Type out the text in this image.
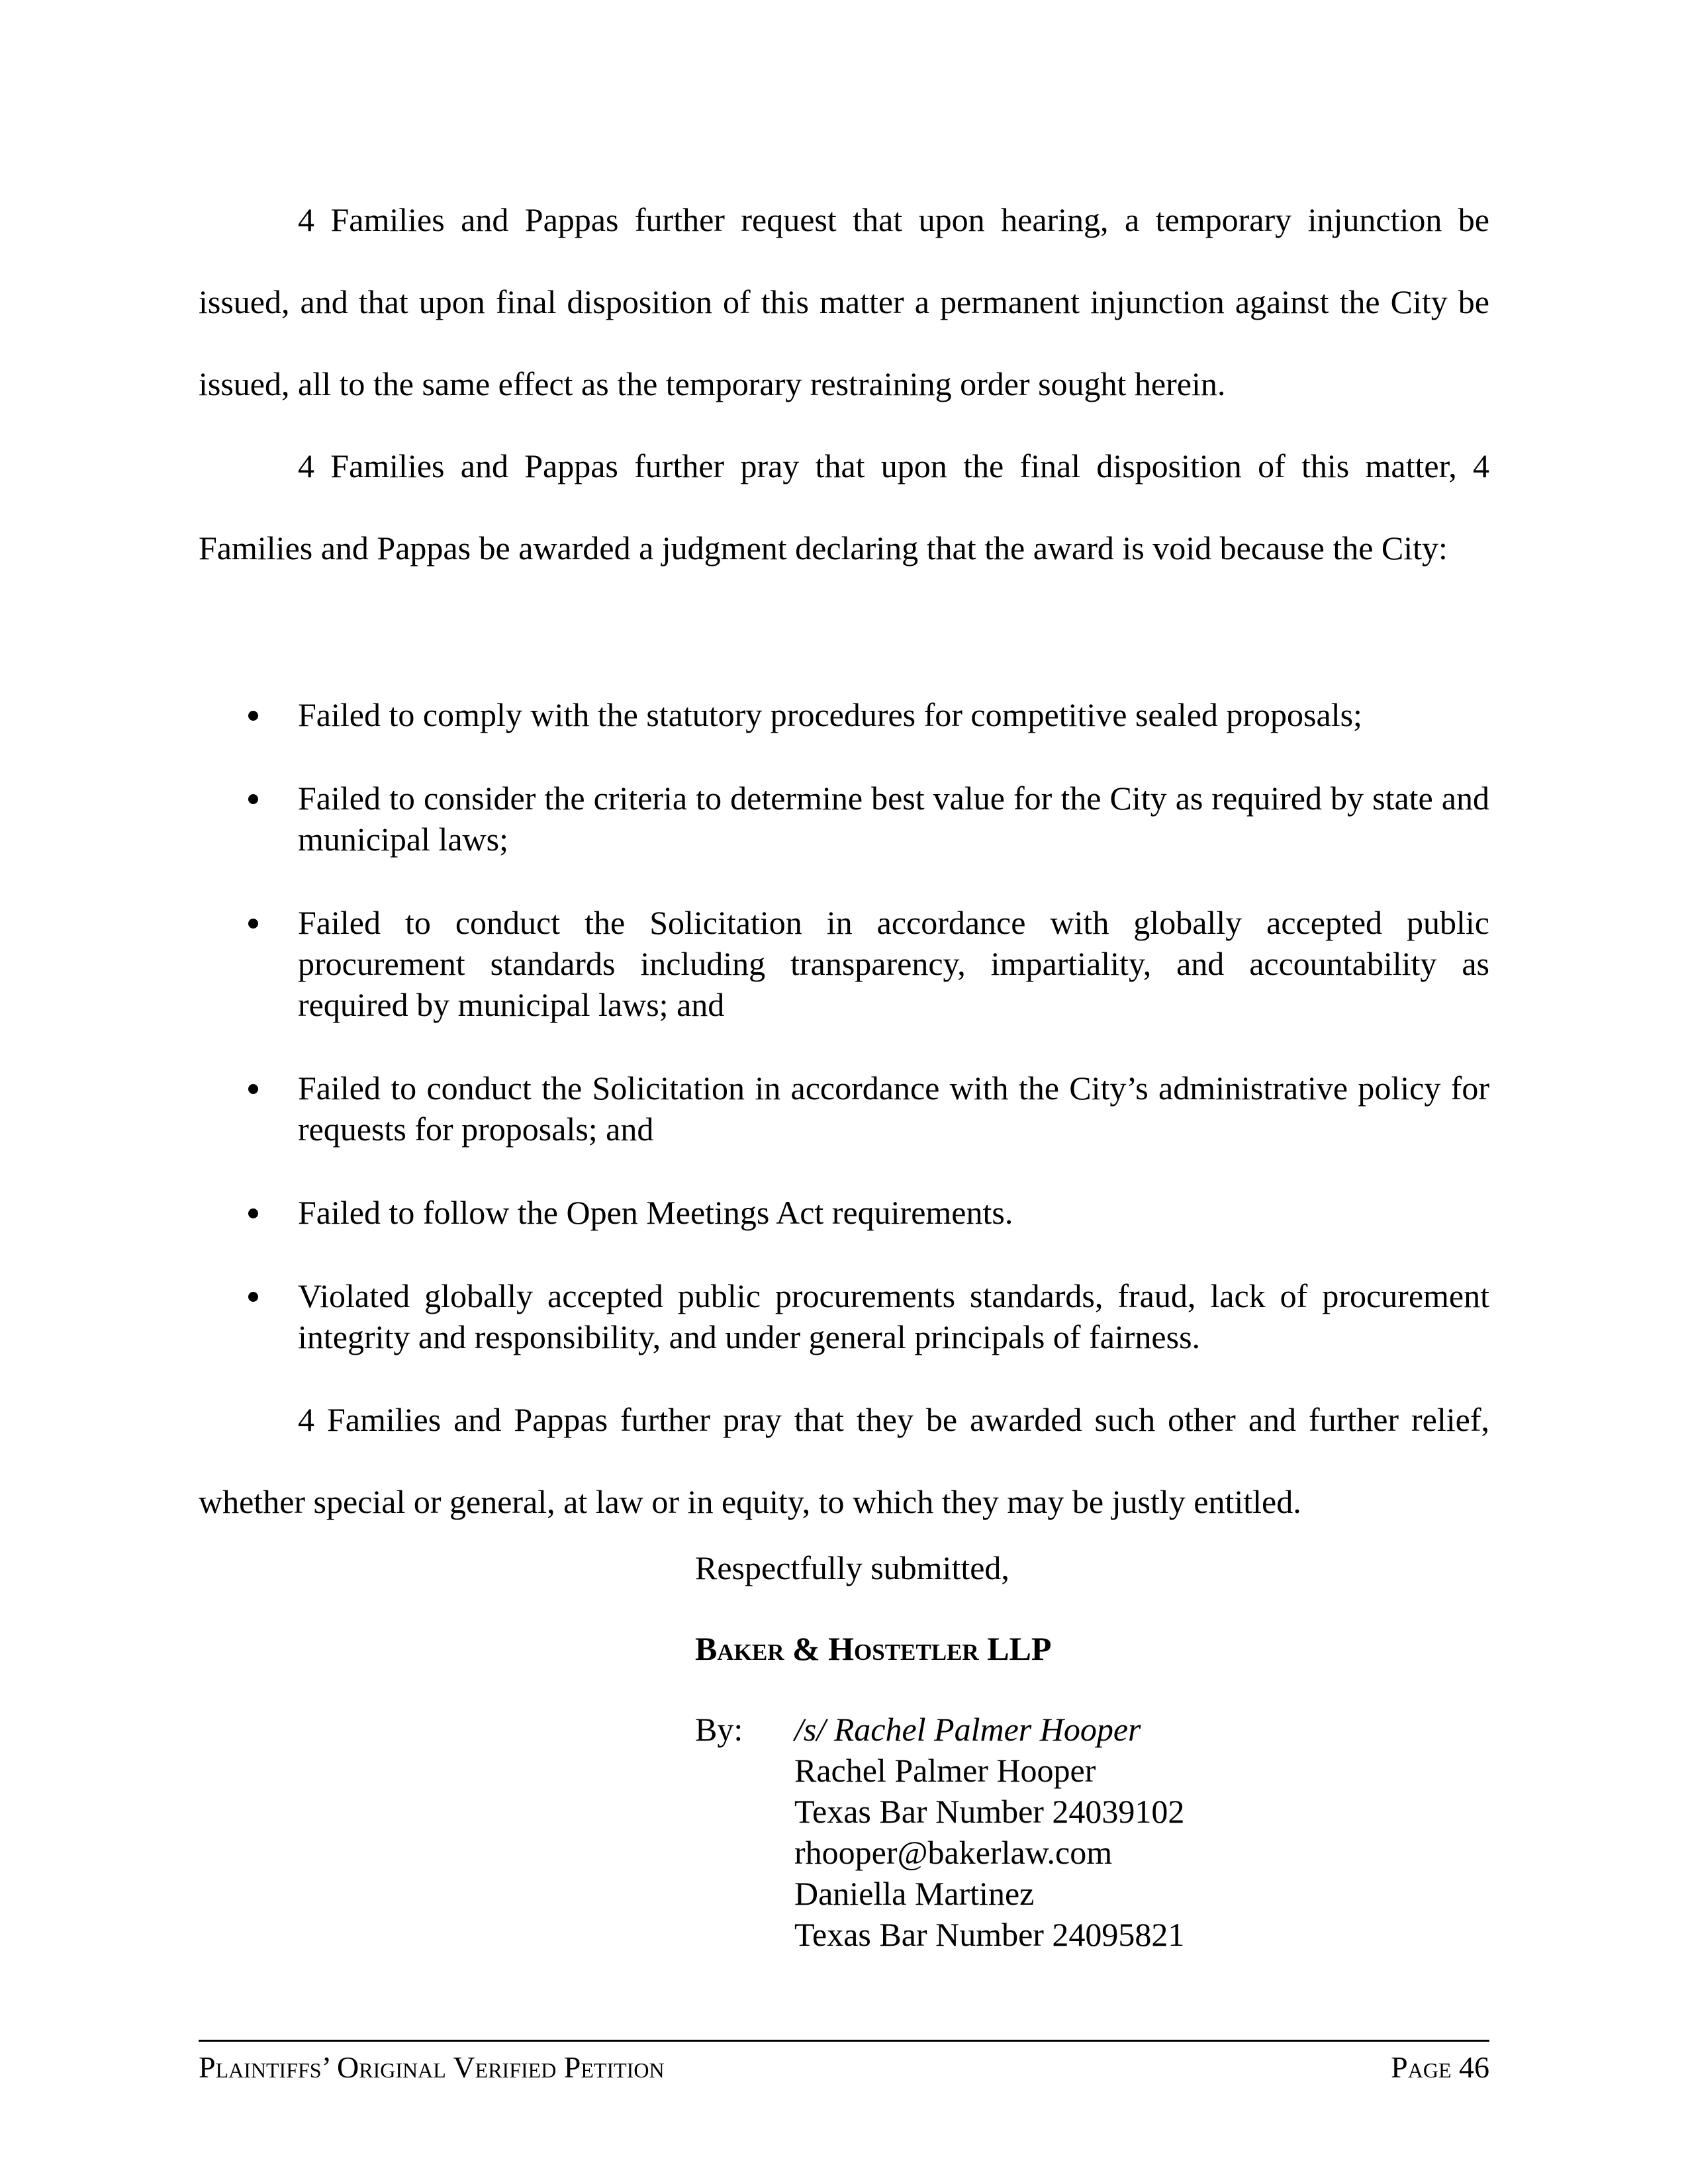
4 Families and Pappas further request that upon hearing, a temporary injunction be issued, and that upon final disposition of this matter a permanent injunction against the City be issued, all to the same effect as the temporary restraining order sought herein.

4 Families and Pappas further pray that upon the final disposition of this matter, 4 Families and Pappas be awarded a judgment declaring that the award is void because the City:

Failed to comply with the statutory procedures for competitive sealed proposals;
Failed to consider the criteria to determine best value for the City as required by state and municipal laws;
Failed to conduct the Solicitation in accordance with globally accepted public procurement standards including transparency, impartiality, and accountability as required by municipal laws; and
Failed to conduct the Solicitation in accordance with the City’s administrative policy for requests for proposals; and
Failed to follow the Open Meetings Act requirements.
Violated globally accepted public procurements standards, fraud, lack of procurement integrity and responsibility, and under general principals of fairness.

4 Families and Pappas further pray that they be awarded such other and further relief, whether special or general, at law or in equity, to which they may be justly entitled.

Respectfully submitted,
Baker & Hostetler LLP
By:	/s/ Rachel Palmer Hooper
Rachel Palmer Hooper
Texas Bar Number 24039102
rhooper@bakerlaw.com
Daniella Martinez
Texas Bar Number 24095821
Plaintiffs’ Original Verified Petition	Page 46
